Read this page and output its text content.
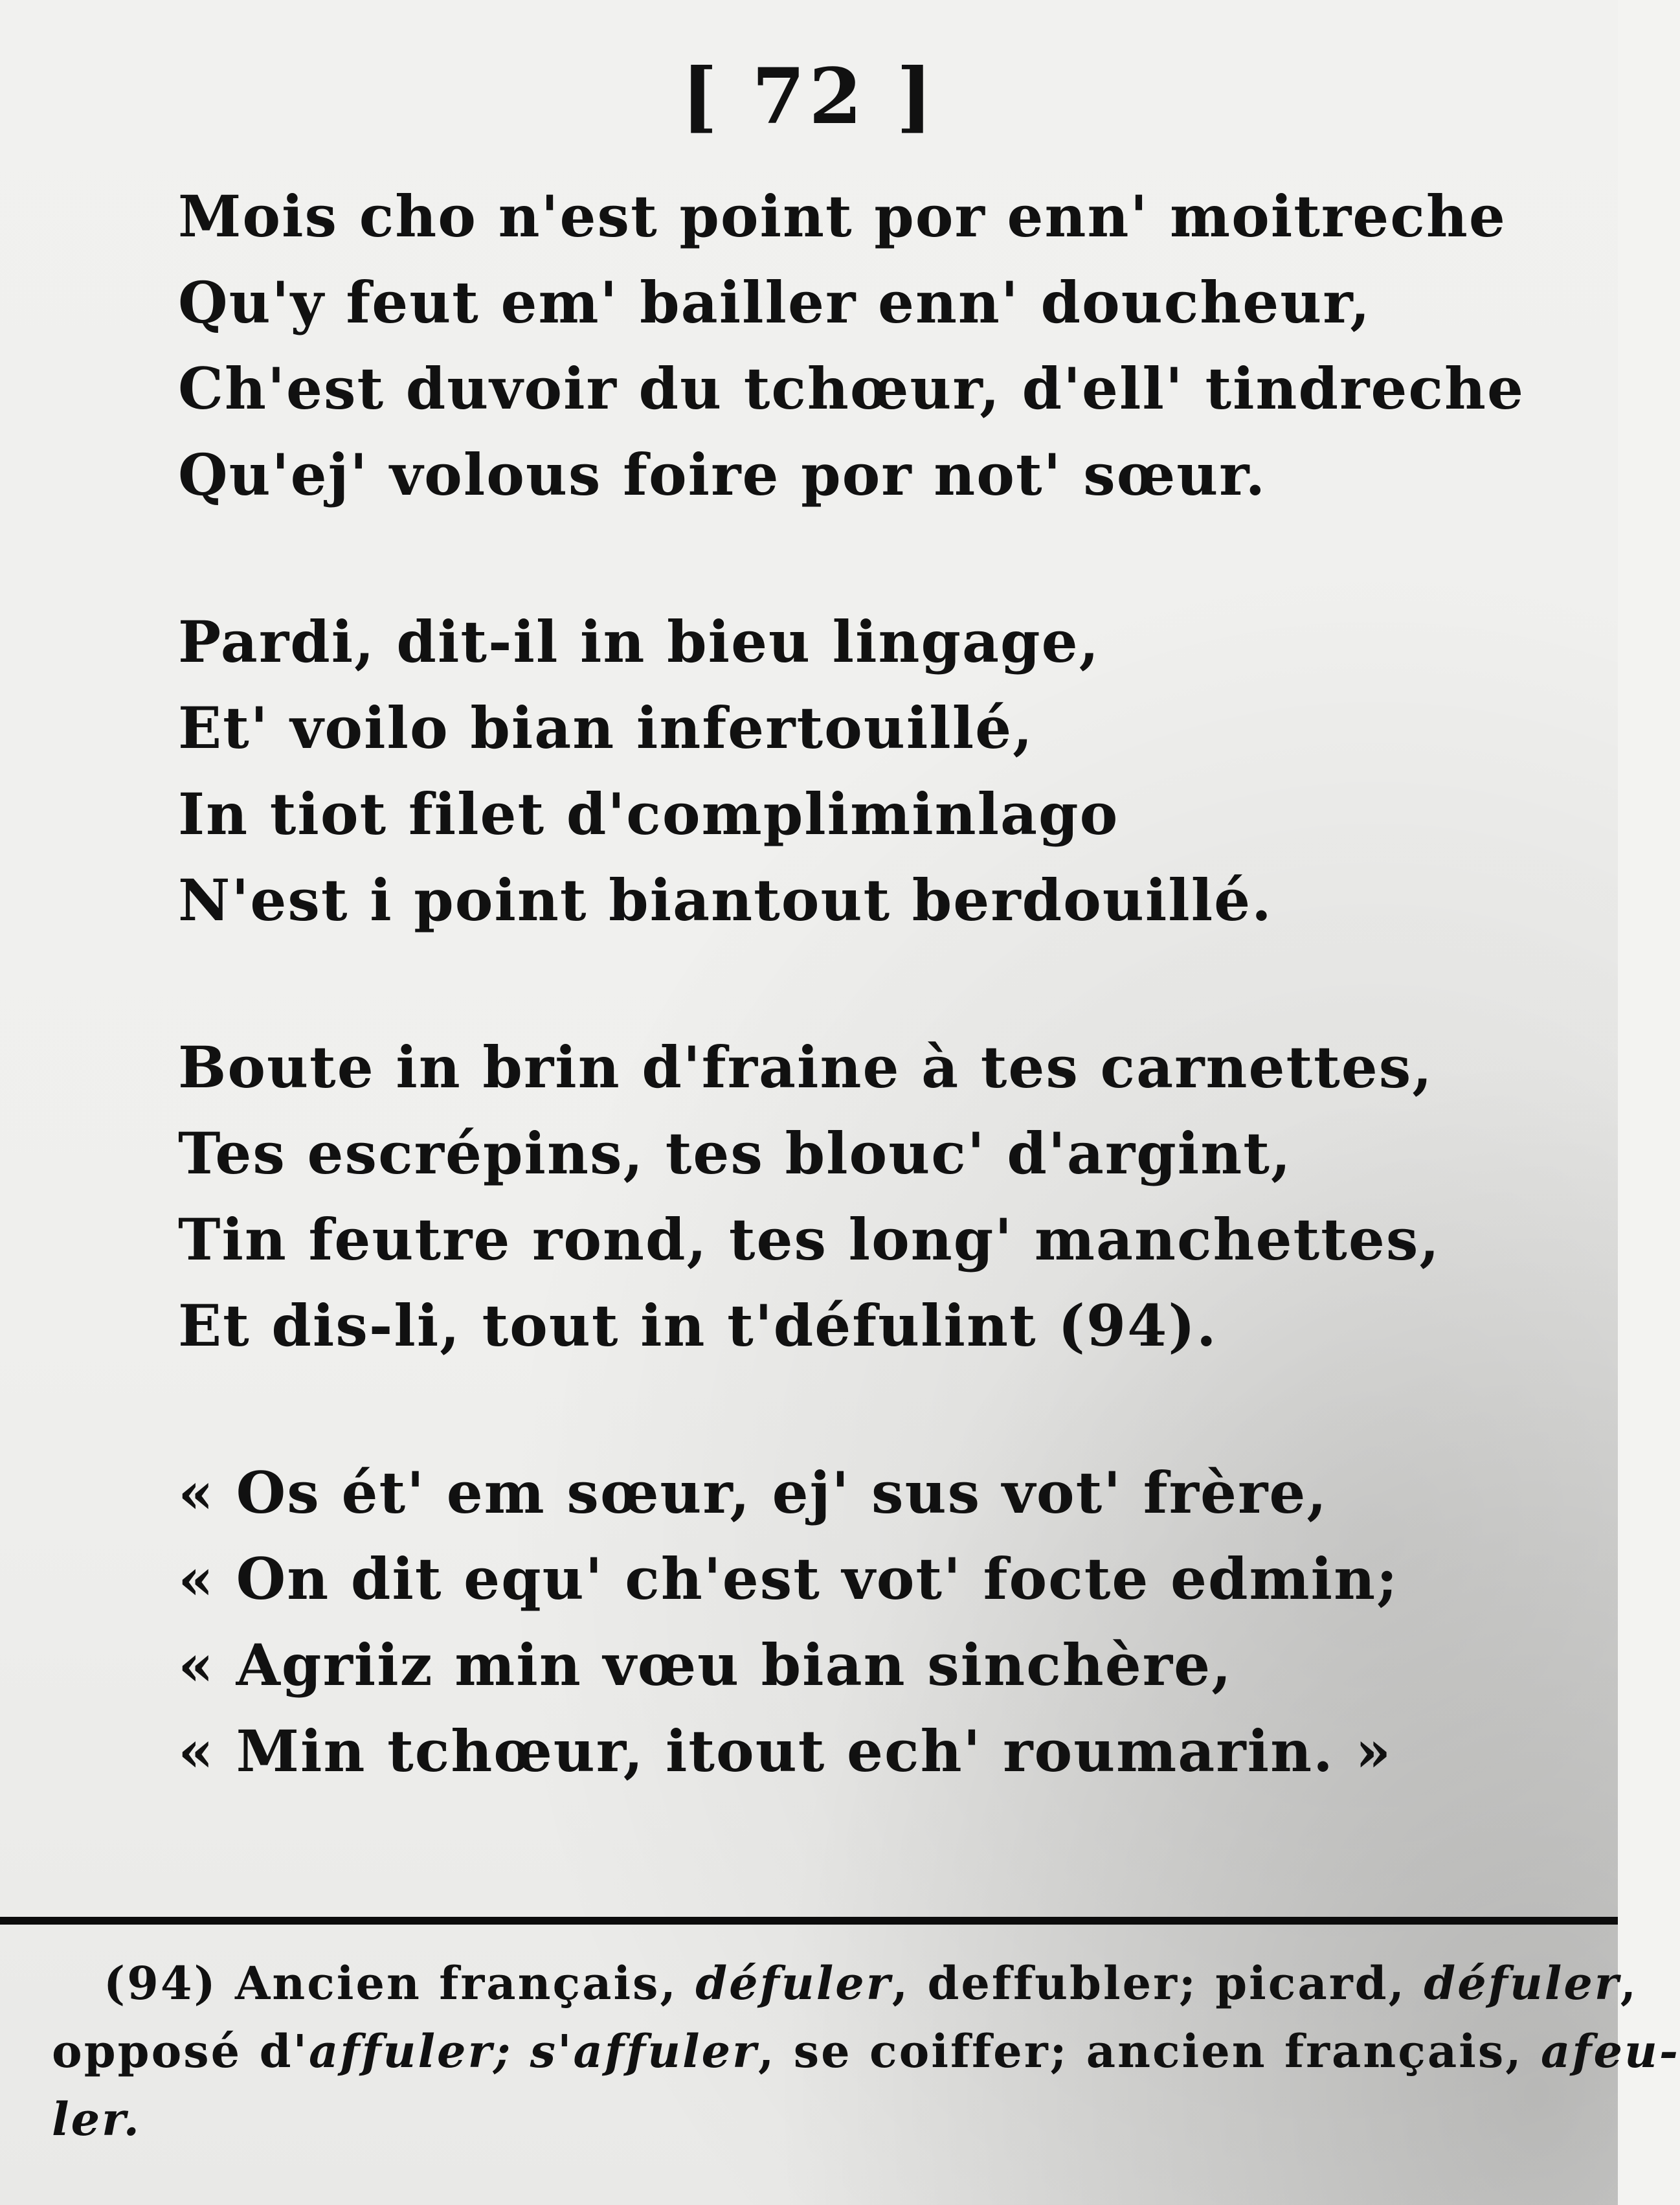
[ 72 ]
Mois cho n'est point por enn' moitreche
Qu'y feut em' bailler enn' doucheur,
Ch'est duvoir du tchœur, d'ell' tindreche
Qu'ej' volous foire por not' sœur.
Pardi, dit-il in bieu lingage,
Et' voilo bian infertouillé,
In tiot filet d'compliminlago
N'est i point biantout berdouillé.
Boute in brin d'fraine à tes carnettes,
Tes escrépins, tes blouc' d'argint,
Tin feutre rond, tes long' manchettes,
Et dis-li, tout in t'défulint (94).
« Os ét' em sœur, ej' sus vot' frère,
« On dit equ' ch'est vot' focte edmin;
« Agriiz min vœu bian sinchère,
« Min tchœur, itout ech' roumarin. »
(94) Ancien français, défuler, deffubler; picard, défuler,
opposé d'affuler; s'affuler, se coiffer; ancien français, afeu-
ler.
